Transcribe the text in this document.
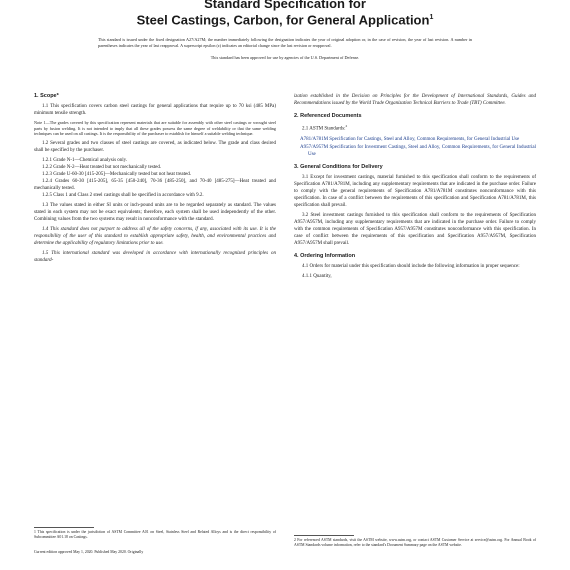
Standard Specification for
Steel Castings, Carbon, for General Application$^1$
This standard is issued under the fixed designation A27/A27M; the number immediately following the designation indicates the year of original adoption or, in the case of revision, the year of last revision. A number in parentheses indicates the year of last reapproval. A superscript epsilon (ε) indicates an editorial change since the last revision or reapproval.
This standard has been approved for use by agencies of the U.S. Department of Defense.
1. Scope*

1.1 This specification covers carbon steel castings for general applications that require up to 70 ksi (485 MPa) minimum tensile strength.

Note 1—The grades covered by this specification represent materials that are suitable for assembly with other steel castings or wrought steel parts by fusion welding. It is not intended to imply that all these grades possess the same degree of weldability or that the same welding techniques can be used on all castings. It is the responsibility of the purchaser to establish for himself a suitable welding technique.

1.2 Several grades and two classes of steel castings are covered, as indicated below. The grade and class desired shall be specified by the purchaser.

1.2.1 Grade N-1—Chemical analysis only.

1.2.2 Grade N-2—Heat treated but not mechanically tested.

1.2.3 Grade U-60-30 [415-205]—Mechanically tested but not heat treated.

1.2.4 Grades 60-30 [415-205], 65-35 [450-240], 70-36 [485-250], and 70-40 [485-275]—Heat treated and mechanically tested.

1.2.5 Class 1 and Class 2 steel castings shall be specified in accordance with 9.2.

1.3 The values stated in either SI units or inch-pound units are to be regarded separately as standard. The values stated in each system may not be exact equivalents; therefore, each system shall be used independently of the other. Combining values from the two systems may result in nonconformance with the standard.

1.4 This standard does not purport to address all of the safety concerns, if any, associated with its use. It is the responsibility of the user of this standard to establish appropriate safety, health, and environmental practices and determine the applicability of regulatory limitations prior to use.

1.5 This international standard was developed in accordance with internationally recognized principles on standard-

ization established in the Decision on Principles for the Development of International Standards, Guides and Recommendations issued by the World Trade Organization Technical Barriers to Trade (TBT) Committee.

2. Referenced Documents

2.1 ASTM Standards:$^2$

A781/A781M Specification for Castings, Steel and Alloy, Common Requirements, for General Industrial Use
A957/A957M Specification for Investment Castings, Steel and Alloy, Common Requirements, for General Industrial Use
3. General Conditions for Delivery

3.1 Except for investment castings, material furnished to this specification shall conform to the requirements of Specification A781/A781M, including any supplementary requirements that are indicated in the purchase order. Failure to comply with the general requirements of Specification A781/A781M constitutes nonconformance with this specification. In case of a conflict between the requirements of this specification and Specification A781/A781M, this specification shall prevail.

3.2 Steel investment castings furnished to this specification shall conform to the requirements of Specification A957/A957M, including any supplementary requirements that are indicated in the purchase order. Failure to comply with the common requirements of Specification A957/A957M constitutes nonconformance with this specification. In case of conflict between the requirements of this specification and Specification A957/A957M, Specification A957/A957M shall prevail.

4. Ordering Information

4.1 Orders for material under this specification should include the following information in proper sequence:

4.1.1 Quantity,

1 This specification is under the jurisdiction of ASTM Committee A01 on Steel, Stainless Steel and Related Alloys and is the direct responsibility of Subcommittee A01.18 on Castings.
Current edition approved May 1, 2020. Published May 2020. Originally
2 For referenced ASTM standards, visit the ASTM website, www.astm.org, or contact ASTM Customer Service at service@astm.org. For Annual Book of ASTM Standards volume information, refer to the standard's Document Summary page on the ASTM website.
